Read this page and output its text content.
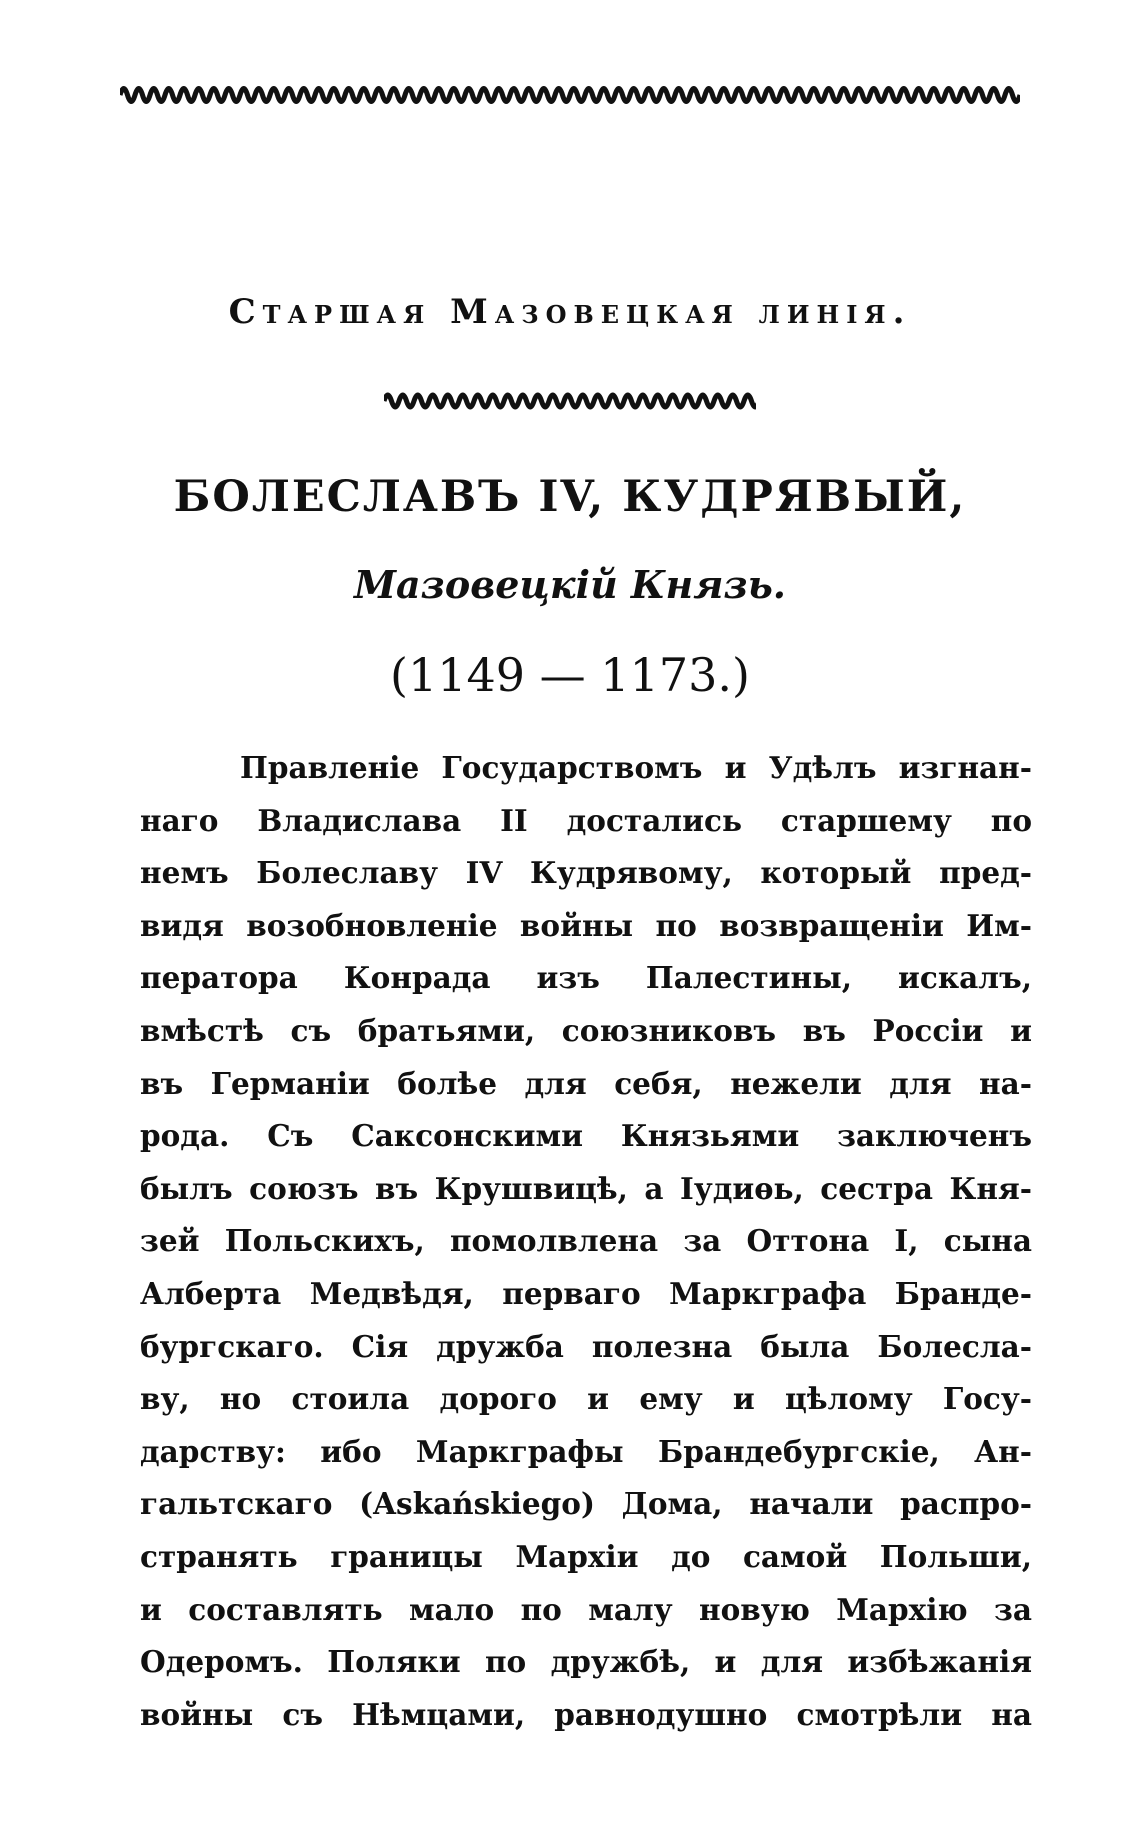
Старшая Мазовецкая линія.
БОЛЕСЛАВЪ IV, КУДРЯВЫЙ,
Мазовецкій Князь.
(1149 — 1173.)
Правленіе Государствомъ и Удѣлъ изгнан-
наго Владислава II достались старшему по
немъ Болеславу IV Кудрявому, который пред-
видя возобновленіе войны по возвращеніи Им-
ператора Конрада изъ Палестины, искалъ,
вмѣстѣ съ братьями, союзниковъ въ Россіи и
въ Германіи болѣе для себя, нежели для на-
рода. Съ Саксонскими Князьями заключенъ
былъ союзъ въ Крушвицѣ, а Іудиѳь, сестра Кня-
зей Польскихъ, помолвлена за Оттона I, сына
Алберта Медвѣдя, перваго Маркграфа Бранде-
бургскаго. Сія дружба полезна была Болесла-
ву, но стоила дорого и ему и цѣлому Госу-
дарству: ибо Маркграфы Брандебургскіе, Ан-
гальтскаго (Askańskiego) Дома, начали распро-
странять границы Мархіи до самой Польши,
и составлять мало по малу новую Мархію за
Одеромъ. Поляки по дружбѣ, и для избѣжанія
войны съ Нѣмцами, равнодушно смотрѣли на
